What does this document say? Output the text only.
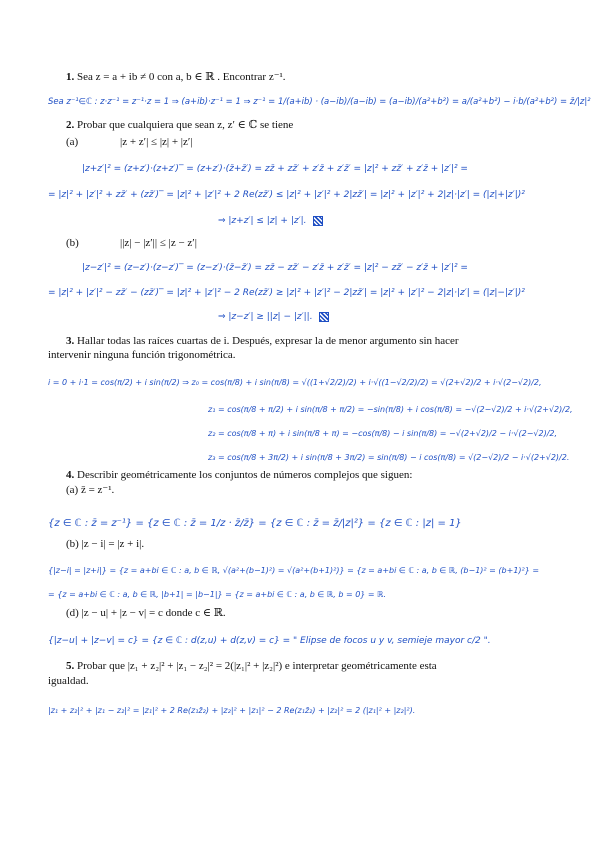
1. Sea z = a + ib ≠ 0 con a, b ∈ ℝ . Encontrar z⁻¹.
Sea z⁻¹∈ℂ : z·z⁻¹ = z⁻¹·z = 1 ⇒ (a+ib)·z⁻¹ = 1 ⇒ z⁻¹ = 1/(a+ib) · (a−ib)/(a−ib) = (a−ib)/(a²+b²) = a/(a²+b²) − i·b/(a²+b²) = z̄/|z|²
2. Probar que cualquiera que sean z, z′ ∈ ℂ se tiene
(a)	|z + z′| ≤ |z| + |z′|
|z+z′|² = (z+z′)·(z+z′)‾ = (z+z′)·(z̄+z̄′) = zz̄ + zz̄′ + z′z̄ + z′z̄′ = |z|² + zz̄′ + z′z̄ + |z′|² =
= |z|² + |z′|² + zz̄′ + (zz̄′)‾ = |z|² + |z′|² + 2 Re(zz̄′) ≤ |z|² + |z′|² + 2|zz̄′| = |z|² + |z′|² + 2|z|·|z′| = (|z|+|z′|)²
⇒ |z+z′| ≤ |z| + |z′|.
(b)	||z| − |z′|| ≤ |z − z′|
|z−z′|² = (z−z′)·(z−z′)‾ = (z−z′)·(z̄−z̄′) = zz̄ − zz̄′ − z′z̄ + z′z̄′ = |z|² − zz̄′ − z′z̄ + |z′|² =
= |z|² + |z′|² − zz̄′ − (zz̄′)‾ = |z|² + |z′|² − 2 Re(zz̄′) ≥ |z|² + |z′|² − 2|zz̄′| = |z|² + |z′|² − 2|z|·|z′| = (|z|−|z′|)²
⇒ |z−z′| ≥ ||z| − |z′||.
3. Hallar todas las raíces cuartas de i. Después, expresar la de menor argumento sin hacer
intervenir ninguna función trigonométrica.
i = 0 + i·1 = cos(π/2) + i sin(π/2) ⇒ z₀ = cos(π/8) + i sin(π/8) = √((1+√2/2)/2) + i·√((1−√2/2)/2) = √(2+√2)/2 + i·√(2−√2)/2,
z₁ = cos(π/8 + π/2) + i sin(π/8 + π/2) = −sin(π/8) + i cos(π/8) = −√(2−√2)/2 + i·√(2+√2)/2,
z₂ = cos(π/8 + π) + i sin(π/8 + π) = −cos(π/8) − i sin(π/8) = −√(2+√2)/2 − i·√(2−√2)/2,
z₃ = cos(π/8 + 3π/2) + i sin(π/8 + 3π/2) = sin(π/8) − i cos(π/8) = √(2−√2)/2 − i·√(2+√2)/2.
4. Describir geométricamente los conjuntos de números complejos que siguen:
(a) z̄ = z⁻¹.
{z ∈ ℂ : z̄ = z⁻¹} = {z ∈ ℂ : z̄ = 1/z · z̄/z̄} = {z ∈ ℂ : z̄ = z̄/|z|²} = {z ∈ ℂ : |z| = 1}
(b) |z − i| = |z + i|.
{|z−i| = |z+i|} = {z = a+bi ∈ ℂ : a, b ∈ ℝ, √(a²+(b−1)²) = √(a²+(b+1)²)} = {z = a+bi ∈ ℂ : a, b ∈ ℝ, (b−1)² = (b+1)²} =
= {z = a+bi ∈ ℂ : a, b ∈ ℝ, |b+1| = |b−1|} = {z = a+bi ∈ ℂ : a, b ∈ ℝ, b = 0} = ℝ.
(d) |z − u| + |z − v| = c donde c ∈ ℝ.
{|z−u| + |z−v| = c} = {z ∈ ℂ : d(z,u) + d(z,v) = c} = " Elipse de focos u y v, semieje mayor c/2 ".
5. Probar que |z₁ + z₂|² + |z₁ − z₂|² = 2(|z₁|² + |z₂|²) e interpretar geométricamente esta
igualdad.
|z₁ + z₂|² + |z₁ − z₂|² = |z₁|² + 2 Re(z₁z̄₂) + |z₂|² + |z₁|² − 2 Re(z₁z̄₂) + |z₂|² = 2 (|z₁|² + |z₂|²).
